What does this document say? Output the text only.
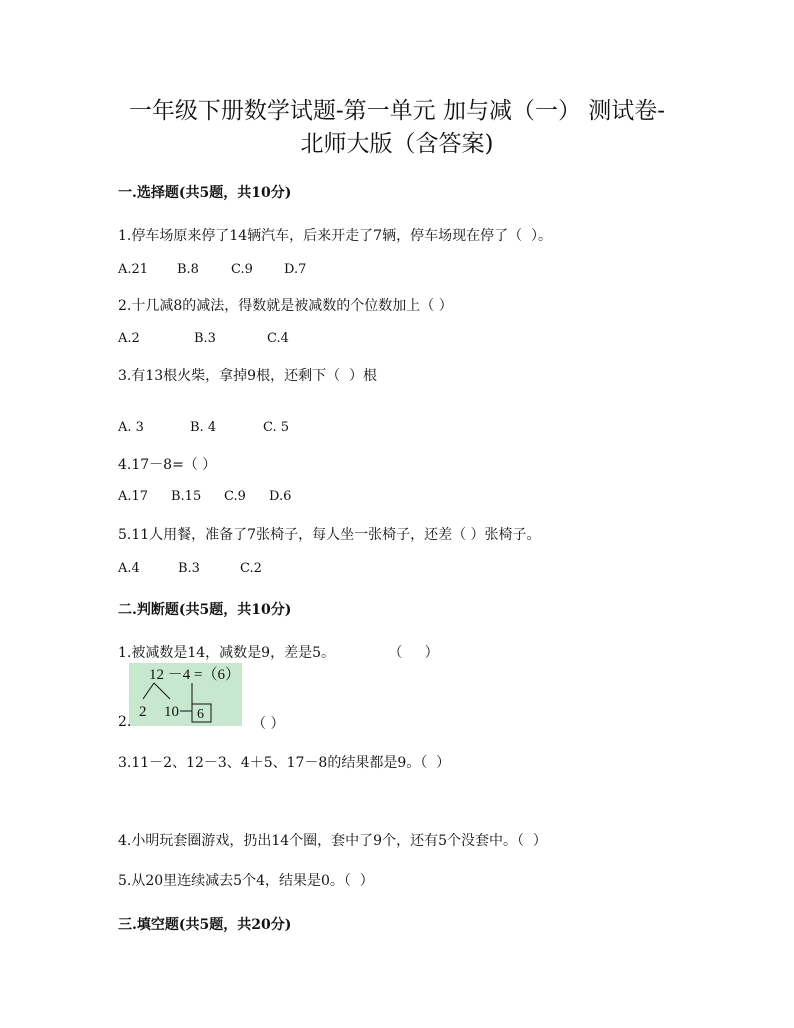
一年级下册数学试题-第一单元 加与减（一） 测试卷-
北师大版（含答案)
一.选择题(共5题，共10分)
1.停车场原来停了14辆汽车，后来开走了7辆，停车场现在停了（  ）。
A.21 B.8 C.9 D.7
2.十几减8的减法，得数就是被减数的个位数加上（ ）
A.2	B.3	C.4
3.有13根火柴，拿掉9根，还剩下（  ）根
A. 3	B. 4	C. 5
4.17－8=（ ）
A.17 B.15 C.9 D.6
5.11人用餐，准备了7张椅子，每人坐一张椅子，还差（ ）张椅子。
A.4	B.3	C.2
二.判断题(共5题，共10分)
1.被减数是14，减数是9，差是5。            （     ）
12 －4 =（6）
2 10 6
2.	（ ）
3.11－2、12－3、4＋5、17－8的结果都是9。（  ）
4.小明玩套圈游戏，扔出14个圈，套中了9个，还有5个没套中。（  ）
5.从20里连续减去5个4，结果是0。（  ）
三.填空题(共5题，共20分)
